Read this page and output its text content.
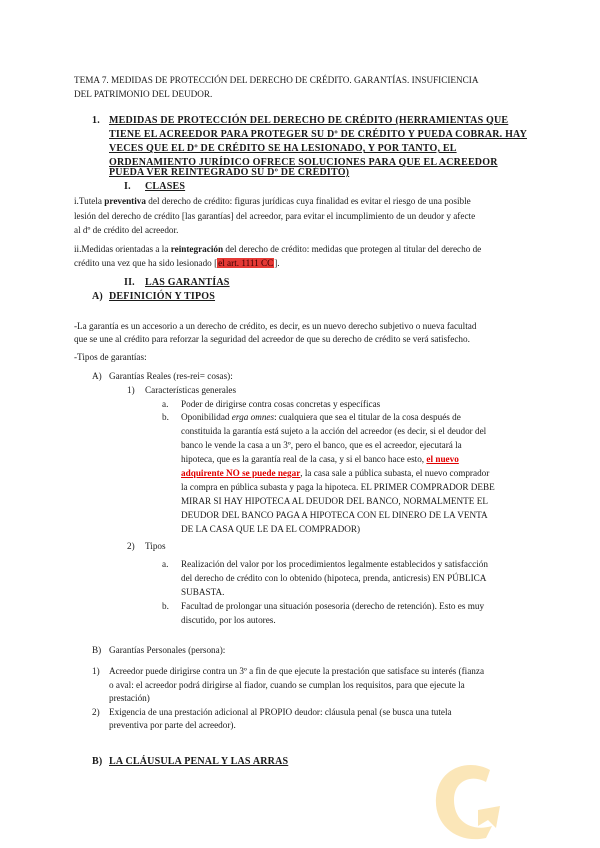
TEMA 7. MEDIDAS DE PROTECCIÓN DEL DERECHO DE CRÉDITO. GARANTÍAS. INSUFICIENCIA
DEL PATRIMONIO DEL DEUDOR.
1. MEDIDAS DE PROTECCIÓN DEL DERECHO DE CRÉDITO (HERRAMIENTAS QUE
TIENE EL ACREEDOR PARA PROTEGER SU Dº DE CRÉDITO Y PUEDA COBRAR. HAY
VECES QUE EL Dº DE CRÉDITO SE HA LESIONADO, Y POR TANTO, EL
ORDENAMIENTO JURÍDICO OFRECE SOLUCIONES PARA QUE EL ACREEDOR
PUEDA VER REINTEGRADO SU Dº DE CRÉDITO)
I. CLASES
i.Tutela preventiva del derecho de crédito: figuras jurídicas cuya finalidad es evitar el riesgo de una posible
lesión del derecho de crédito [las garantías] del acreedor, para evitar el incumplimiento de un deudor y afecte
al dº de crédito del acreedor.
ii.Medidas orientadas a la reintegración del derecho de crédito: medidas que protegen al titular del derecho de
crédito una vez que ha sido lesionado [el art. 1111 CC].
II. LAS GARANTÍAS
A) DEFINICIÓN Y TIPOS
-La garantía es un accesorio a un derecho de crédito, es decir, es un nuevo derecho subjetivo o nueva facultad
que se une al crédito para reforzar la seguridad del acreedor de que su derecho de crédito se verá satisfecho.
-Tipos de garantías:
A) Garantías Reales (res-rei= cosas):
1) Características generales
a. Poder de dirigirse contra cosas concretas y específicas
b. Oponibilidad erga omnes: cualquiera que sea el titular de la cosa después de
constituida la garantía está sujeto a la acción del acreedor (es decir, si el deudor del
banco le vende la casa a un 3º, pero el banco, que es el acreedor, ejecutará la
hipoteca, que es la garantía real de la casa, y si el banco hace esto, el nuevo
adquirente NO se puede negar, la casa sale a pública subasta, el nuevo comprador
la compra en pública subasta y paga la hipoteca. EL PRIMER COMPRADOR DEBE
MIRAR SI HAY HIPOTECA AL DEUDOR DEL BANCO, NORMALMENTE EL
DEUDOR DEL BANCO PAGA A HIPOTECA CON EL DINERO DE LA VENTA
DE LA CASA QUE LE DA EL COMPRADOR)
2) Tipos
a. Realización del valor por los procedimientos legalmente establecidos y satisfacción
del derecho de crédito con lo obtenido (hipoteca, prenda, anticresis) EN PÚBLICA
SUBASTA.
b. Facultad de prolongar una situación posesoria (derecho de retención). Esto es muy
discutido, por los autores.
B) Garantías Personales (persona):
1) Acreedor puede dirigirse contra un 3º a fin de que ejecute la prestación que satisface su interés (fianza
o aval: el acreedor podrá dirigirse al fiador, cuando se cumplan los requisitos, para que ejecute la
prestación)
2) Exigencia de una prestación adicional al PROPIO deudor: cláusula penal (se busca una tutela
preventiva por parte del acreedor).
B) LA CLÁUSULA PENAL Y LAS ARRAS
